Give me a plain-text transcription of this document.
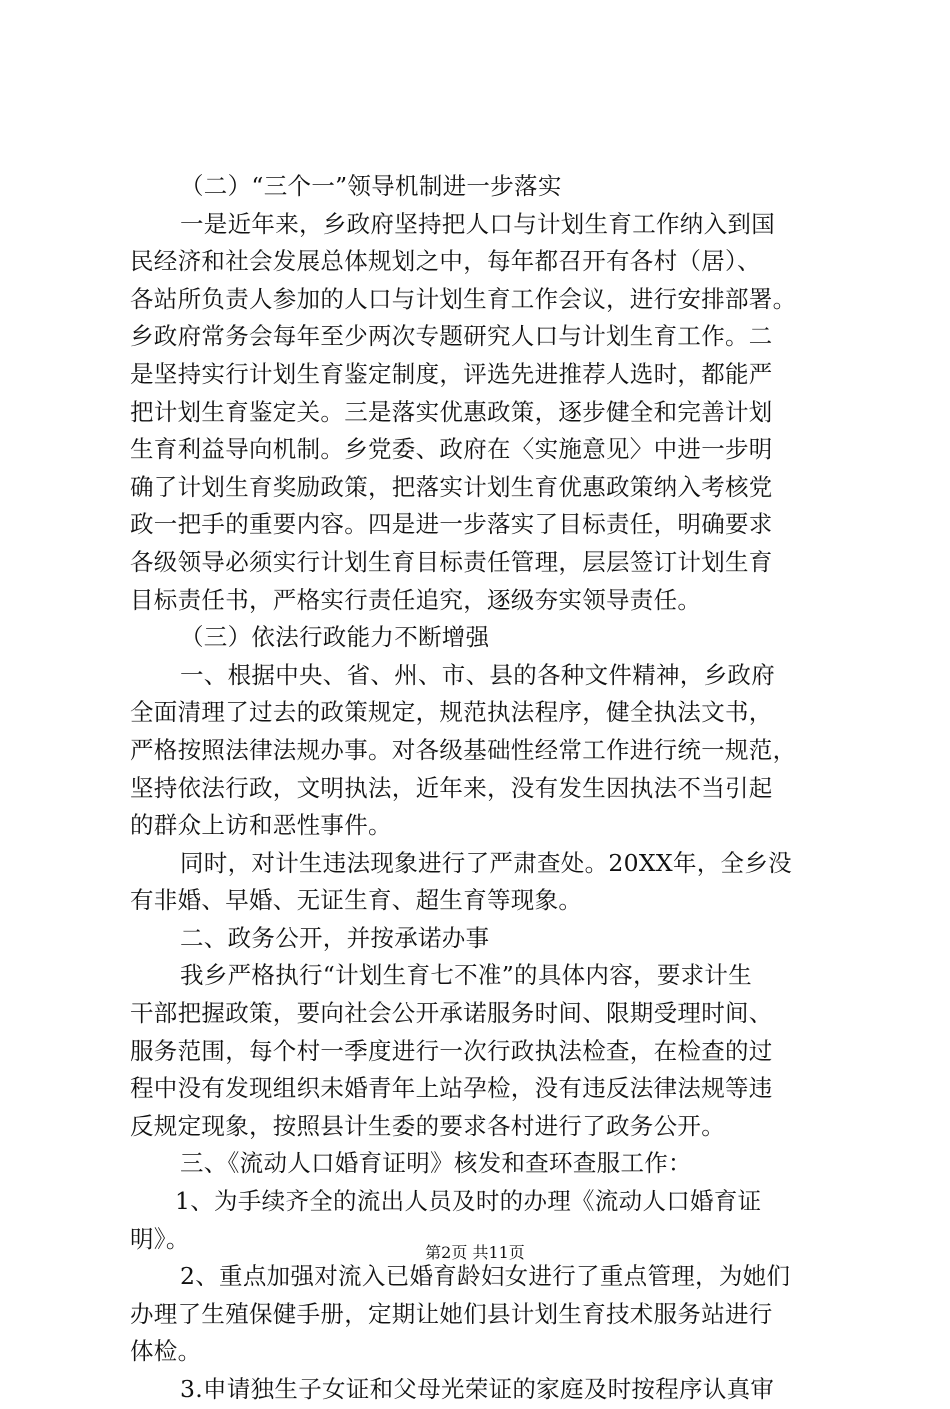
（二）“三个一”领导机制进一步落实
一是近年来，乡政府坚持把人口与计划生育工作纳入到国
民经济和社会发展总体规划之中，每年都召开有各村（居）、
各站所负责人参加的人口与计划生育工作会议，进行安排部署。
乡政府常务会每年至少两次专题研究人口与计划生育工作。二
是坚持实行计划生育鉴定制度，评选先进推荐人选时，都能严
把计划生育鉴定关。三是落实优惠政策，逐步健全和完善计划
生育利益导向机制。乡党委、政府在〈实施意见〉中进一步明
确了计划生育奖励政策，把落实计划生育优惠政策纳入考核党
政一把手的重要内容。四是进一步落实了目标责任，明确要求
各级领导必须实行计划生育目标责任管理，层层签订计划生育
目标责任书，严格实行责任追究，逐级夯实领导责任。
（三）依法行政能力不断增强
一、根据中央、省、州、市、县的各种文件精神，乡政府
全面清理了过去的政策规定，规范执法程序，健全执法文书，
严格按照法律法规办事。对各级基础性经常工作进行统一规范，
坚持依法行政，文明执法，近年来，没有发生因执法不当引起
的群众上访和恶性事件。
同时，对计生违法现象进行了严肃查处。20XX年，全乡没
有非婚、早婚、无证生育、超生育等现象。
二、政务公开，并按承诺办事
我乡严格执行“计划生育七不准”的具体内容，要求计生
干部把握政策，要向社会公开承诺服务时间、限期受理时间、
服务范围，每个村一季度进行一次行政执法检查，在检查的过
程中没有发现组织未婚青年上站孕检，没有违反法律法规等违
反规定现象，按照县计生委的要求各村进行了政务公开。
三、《流动人口婚育证明》核发和查环查服工作：
1、为手续齐全的流出人员及时的办理《流动人口婚育证
明》。
2、重点加强对流入已婚育龄妇女进行了重点管理，为她们
办理了生殖保健手册，定期让她们县计划生育技术服务站进行
体检。
3.申请独生子女证和父母光荣证的家庭及时按程序认真审
第2页 共11页
